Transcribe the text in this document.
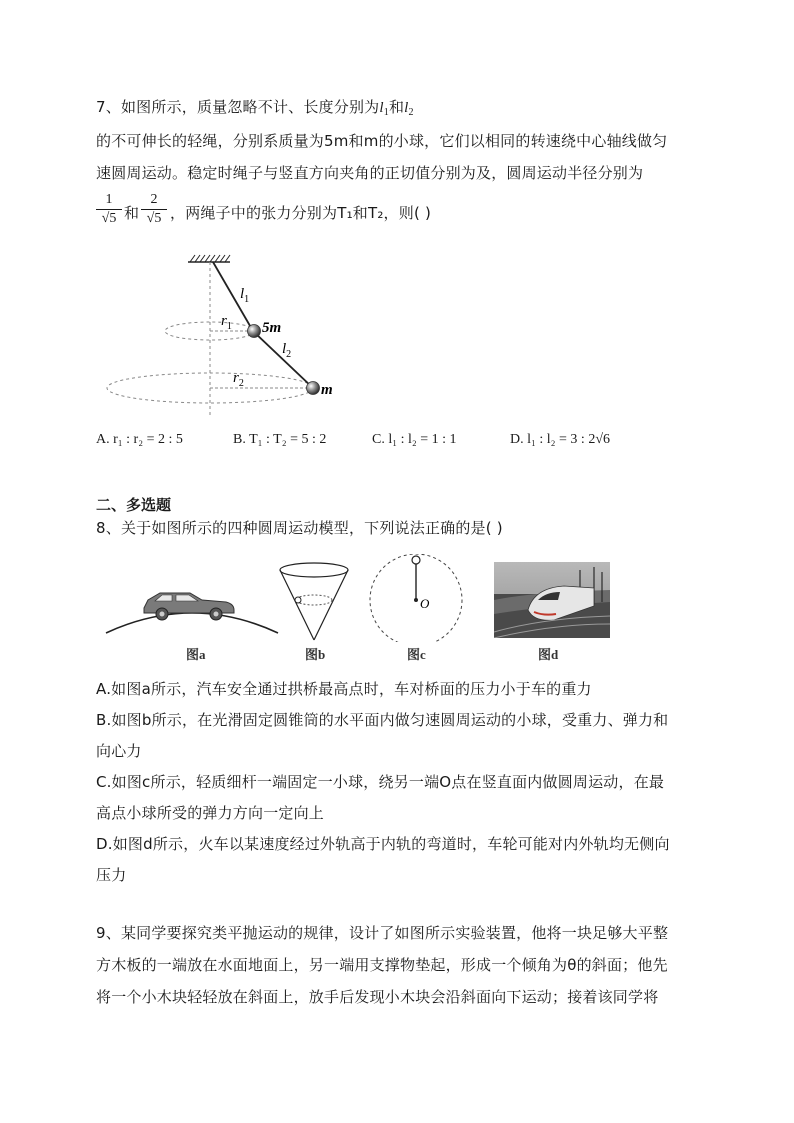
7、如图所示，质量忽略不计、长度分别为$l_1$和$l_2$
的不可伸长的轻绳，分别系质量为5m和m的小球，它们以相同的转速绕中心轴线做匀
速圆周运动。稳定时绳子与竖直方向夹角的正切值分别为及，圆周运动半径分别为
1
√5 和
2
√5 ，两绳子中的张力分别为T₁和T₂，则( )
$l_1$
$l_2$
$r_1$
$r_2$
5m
m
A. r₁ : r₂ = 2 : 5	B. T₁ : T₂ = 5 : 2	C. l₁ : l₂ = 1 : 1	D. l₁ : l₂ = 3 : 2√6
二、多选题
8、关于如图所示的四种圆周运动模型，下列说法正确的是( )
O
图a	图b	图c	图d
A.如图a所示，汽车安全通过拱桥最高点时，车对桥面的压力小于车的重力
B.如图b所示，在光滑固定圆锥筒的水平面内做匀速圆周运动的小球，受重力、弹力和
向心力
C.如图c所示，轻质细杆一端固定一小球，绕另一端O点在竖直面内做圆周运动，在最
高点小球所受的弹力方向一定向上
D.如图d所示，火车以某速度经过外轨高于内轨的弯道时，车轮可能对内外轨均无侧向
压力
9、某同学要探究类平抛运动的规律，设计了如图所示实验装置，他将一块足够大平整
方木板的一端放在水面地面上，另一端用支撑物垫起，形成一个倾角为θ的斜面；他先
将一个小木块轻轻放在斜面上，放手后发现小木块会沿斜面向下运动；接着该同学将
